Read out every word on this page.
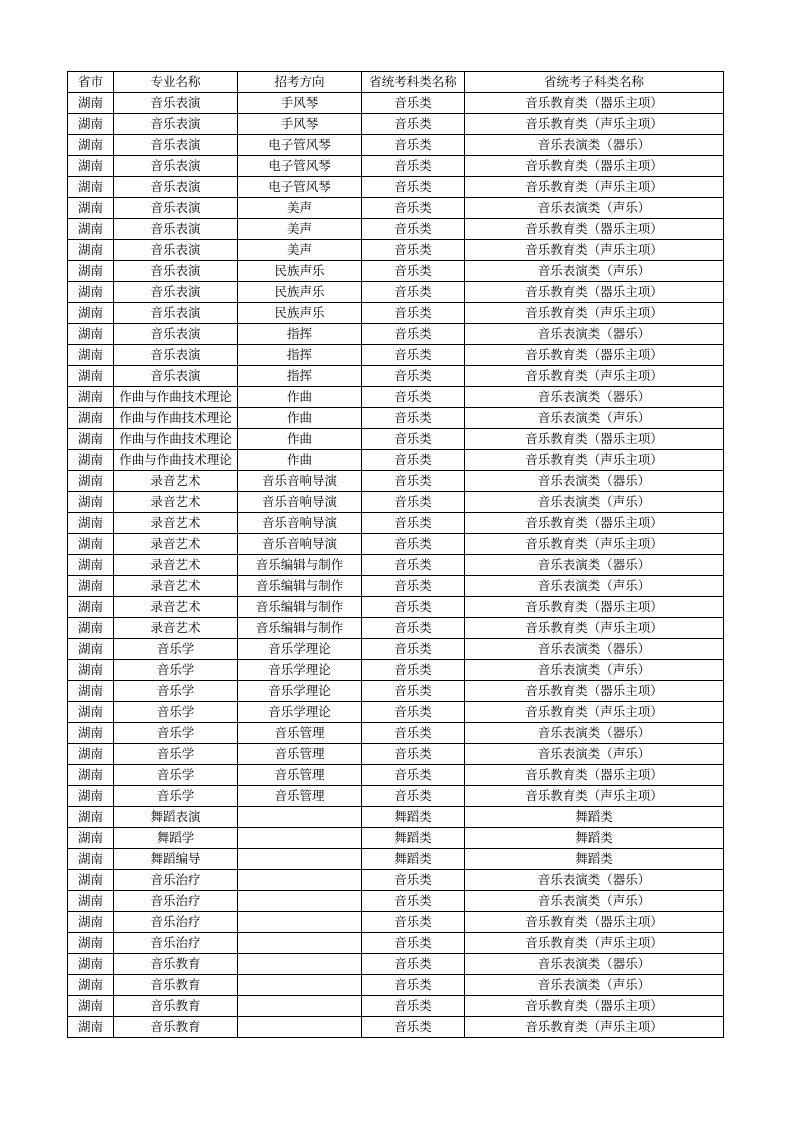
省市	专业名称	招考方向	省统考科类名称	省统考子科类名称
湖南	音乐表演	手风琴	音乐类	音乐教育类（器乐主项）
湖南	音乐表演	手风琴	音乐类	音乐教育类（声乐主项）
湖南	音乐表演	电子管风琴	音乐类	音乐表演类（器乐）
湖南	音乐表演	电子管风琴	音乐类	音乐教育类（器乐主项）
湖南	音乐表演	电子管风琴	音乐类	音乐教育类（声乐主项）
湖南	音乐表演	美声	音乐类	音乐表演类（声乐）
湖南	音乐表演	美声	音乐类	音乐教育类（器乐主项）
湖南	音乐表演	美声	音乐类	音乐教育类（声乐主项）
湖南	音乐表演	民族声乐	音乐类	音乐表演类（声乐）
湖南	音乐表演	民族声乐	音乐类	音乐教育类（器乐主项）
湖南	音乐表演	民族声乐	音乐类	音乐教育类（声乐主项）
湖南	音乐表演	指挥	音乐类	音乐表演类（器乐）
湖南	音乐表演	指挥	音乐类	音乐教育类（器乐主项）
湖南	音乐表演	指挥	音乐类	音乐教育类（声乐主项）
湖南	作曲与作曲技术理论	作曲	音乐类	音乐表演类（器乐）
湖南	作曲与作曲技术理论	作曲	音乐类	音乐表演类（声乐）
湖南	作曲与作曲技术理论	作曲	音乐类	音乐教育类（器乐主项）
湖南	作曲与作曲技术理论	作曲	音乐类	音乐教育类（声乐主项）
湖南	录音艺术	音乐音响导演	音乐类	音乐表演类（器乐）
湖南	录音艺术	音乐音响导演	音乐类	音乐表演类（声乐）
湖南	录音艺术	音乐音响导演	音乐类	音乐教育类（器乐主项）
湖南	录音艺术	音乐音响导演	音乐类	音乐教育类（声乐主项）
湖南	录音艺术	音乐编辑与制作	音乐类	音乐表演类（器乐）
湖南	录音艺术	音乐编辑与制作	音乐类	音乐表演类（声乐）
湖南	录音艺术	音乐编辑与制作	音乐类	音乐教育类（器乐主项）
湖南	录音艺术	音乐编辑与制作	音乐类	音乐教育类（声乐主项）
湖南	音乐学	音乐学理论	音乐类	音乐表演类（器乐）
湖南	音乐学	音乐学理论	音乐类	音乐表演类（声乐）
湖南	音乐学	音乐学理论	音乐类	音乐教育类（器乐主项）
湖南	音乐学	音乐学理论	音乐类	音乐教育类（声乐主项）
湖南	音乐学	音乐管理	音乐类	音乐表演类（器乐）
湖南	音乐学	音乐管理	音乐类	音乐表演类（声乐）
湖南	音乐学	音乐管理	音乐类	音乐教育类（器乐主项）
湖南	音乐学	音乐管理	音乐类	音乐教育类（声乐主项）
湖南	舞蹈表演		舞蹈类	舞蹈类
湖南	舞蹈学		舞蹈类	舞蹈类
湖南	舞蹈编导		舞蹈类	舞蹈类
湖南	音乐治疗		音乐类	音乐表演类（器乐）
湖南	音乐治疗		音乐类	音乐表演类（声乐）
湖南	音乐治疗		音乐类	音乐教育类（器乐主项）
湖南	音乐治疗		音乐类	音乐教育类（声乐主项）
湖南	音乐教育		音乐类	音乐表演类（器乐）
湖南	音乐教育		音乐类	音乐表演类（声乐）
湖南	音乐教育		音乐类	音乐教育类（器乐主项）
湖南	音乐教育		音乐类	音乐教育类（声乐主项）
